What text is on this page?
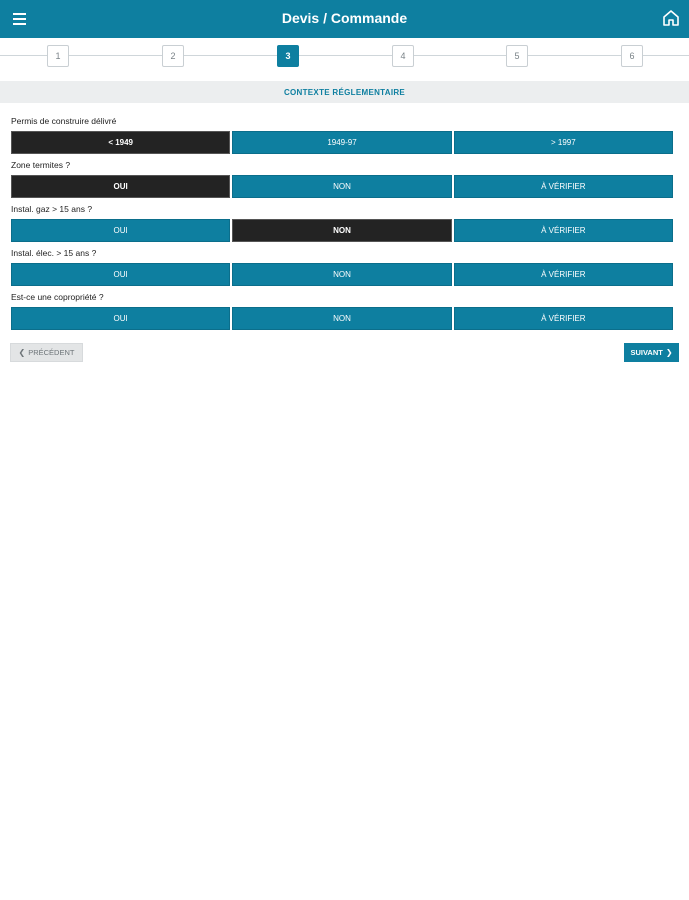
Devis / Commande
1	2	3	4	5	6
CONTEXTE RÉGLEMENTAIRE
Permis de construire délivré
< 1949	1949-97	> 1997
Zone termites ?
OUI	NON	À VÉRIFIER
Instal. gaz > 15 ans ?
OUI	NON	À VÉRIFIER
Instal. élec. > 15 ans ?
OUI	NON	À VÉRIFIER
Est-ce une copropriété ?
OUI	NON	À VÉRIFIER
❮ PRÉCÉDENT	SUIVANT ❯
